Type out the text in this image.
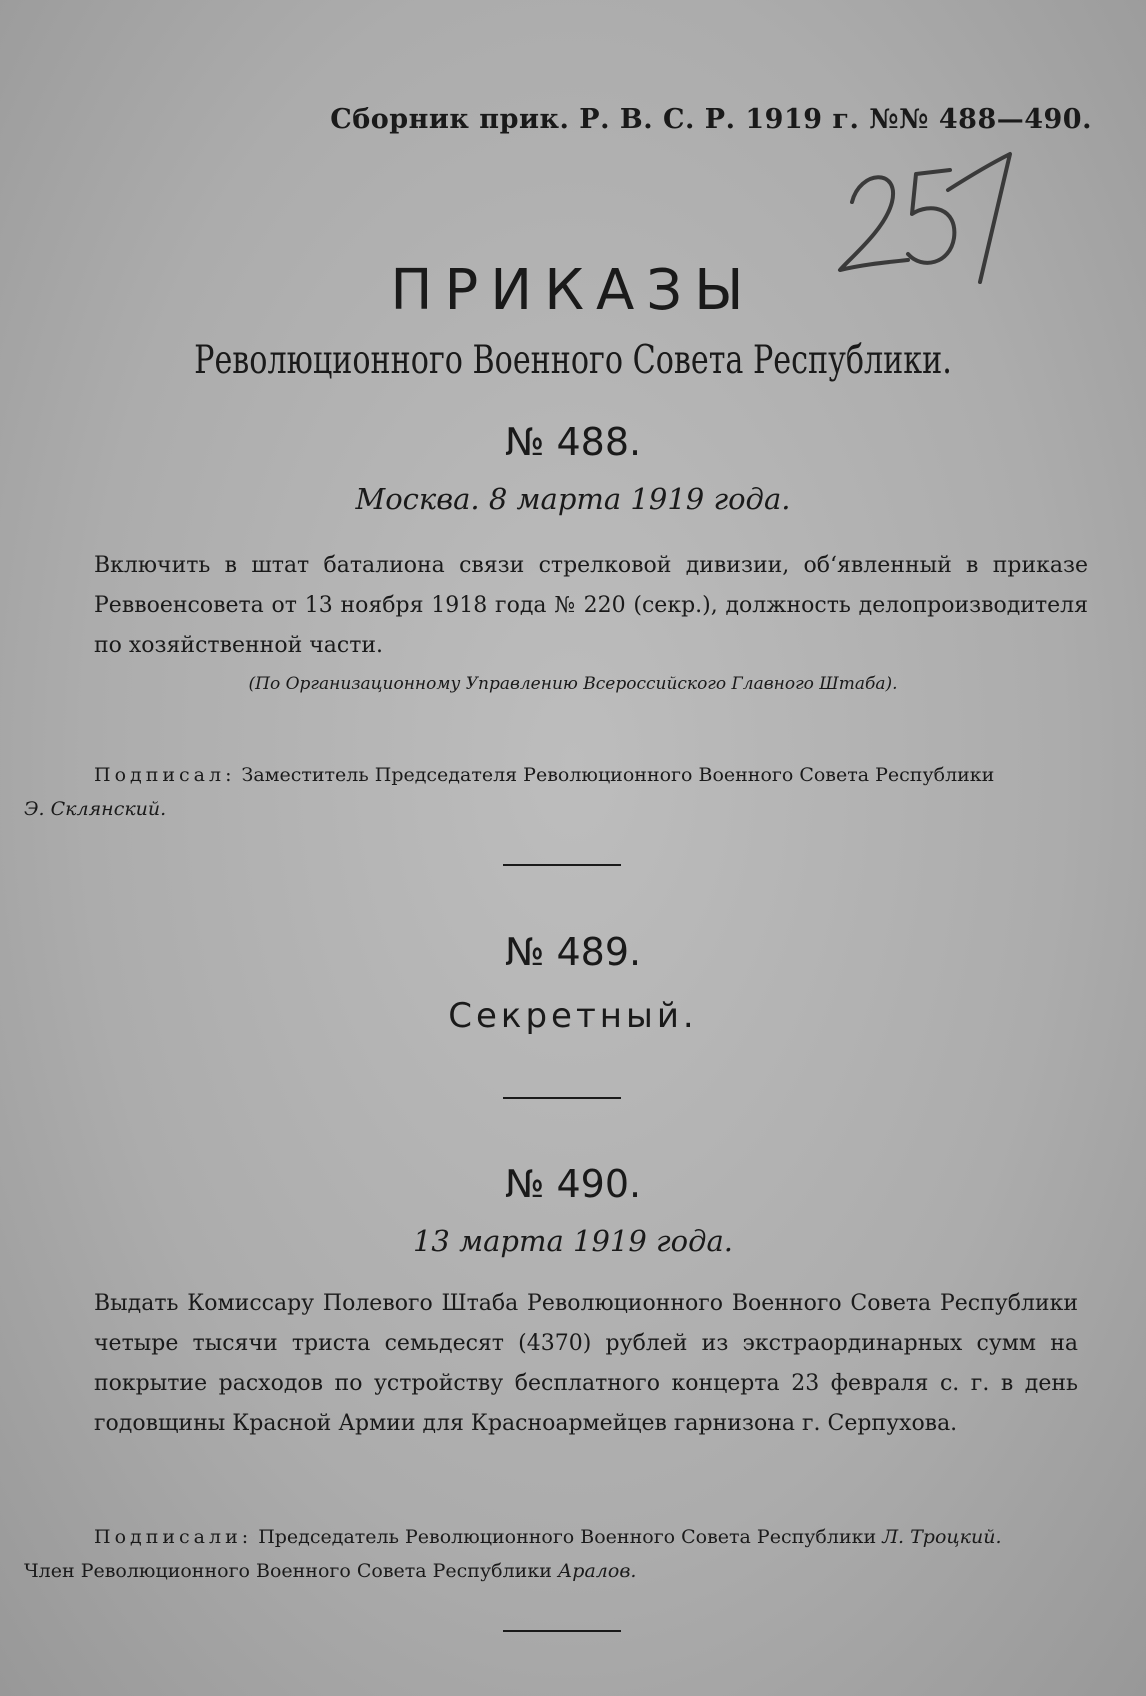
Сборник прик. Р. В. С. Р. 1919 г. №№ 488—490.
ПРИКАЗЫ
Революционного Военного Совета Республики.
№ 488.
Москва. 8 марта 1919 года.
Включить в штат баталиона связи стрелковой дивизии, об‘явленный в приказе Реввоенсовета от 13 ноября 1918 года № 220 (секр.), должность делопроизводителя по хозяйственной части.
(По Организационному Управлению Всероссийского Главного Штаба).
Подписал: Заместитель Председателя Революционного Военного Совета Республики
Э. Склянский.
№ 489.
Секретный.
№ 490.
13 марта 1919 года.
Выдать Комиссару Полевого Штаба Революционного Военного Совета Республики четыре тысячи триста семьдесят (4370) рублей из экстраординарных сумм на покрытие расходов по устройству бесплатного концерта 23 февраля с. г. в день годовщины Красной Армии для Красноармейцев гарнизона г. Серпухова.
Подписали: Председатель Революционного Военного Совета Республики Л. Троцкий.
Член Революционного Военного Совета Республики Аралов.
